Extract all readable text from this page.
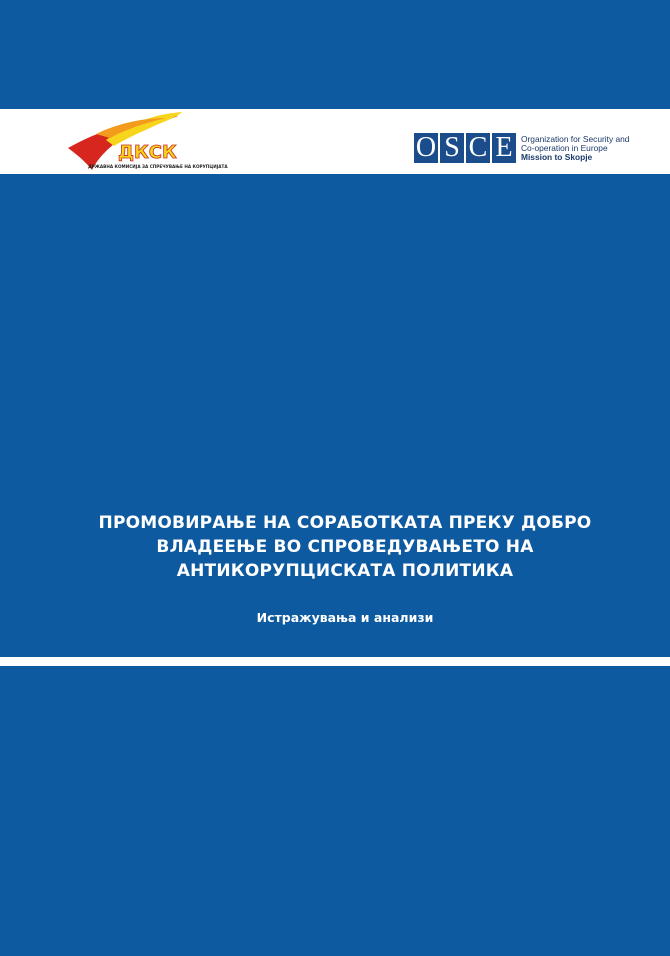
ДКСК
ДРЖАВНА КОМИСИЈА ЗА СПРЕЧУВАЊЕ НА КОРУПЦИЈАТА
O S C E	Organization for Security and
Co-operation in Europe
Mission to Skopje
ПРОМОВИРАЊЕ НА СОРАБОТКАТА ПРЕКУ ДОБРО
ВЛАДЕЕЊЕ ВО СПРОВЕДУВАЊЕТО НА
АНТИКОРУПЦИСКАТА ПОЛИТИКА
Истражувања и анализи
